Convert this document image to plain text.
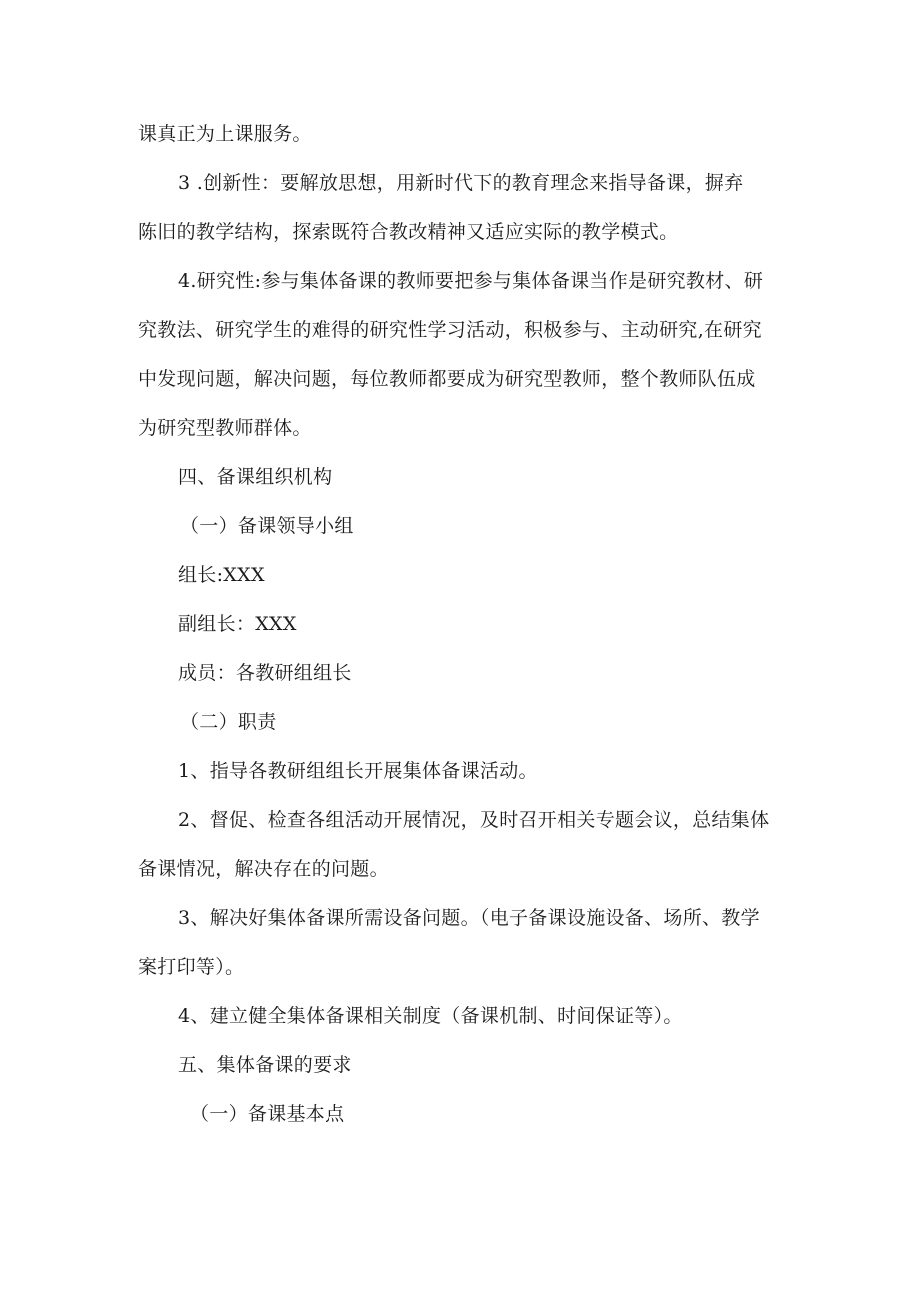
课真正为上课服务。
3 .创新性：要解放思想，用新时代下的教育理念来指导备课，摒弃
陈旧的教学结构，探索既符合教改精神又适应实际的教学模式。
4.研究性:参与集体备课的教师要把参与集体备课当作是研究教材、研
究教法、研究学生的难得的研究性学习活动，积极参与、主动研究,在研究
中发现问题，解决问题，每位教师都要成为研究型教师，整个教师队伍成
为研究型教师群体。
四、备课组织机构
（一）备课领导小组
组长:XXX
副组长：XXX
成员：各教研组组长
（二）职责
1、指导各教研组组长开展集体备课活动。
2、督促、检查各组活动开展情况，及时召开相关专题会议，总结集体
备课情况，解决存在的问题。
3、解决好集体备课所需设备问题。（电子备课设施设备、场所、教学
案打印等）。
4、建立健全集体备课相关制度（备课机制、时间保证等）。
五、集体备课的要求
（一）备课基本点
